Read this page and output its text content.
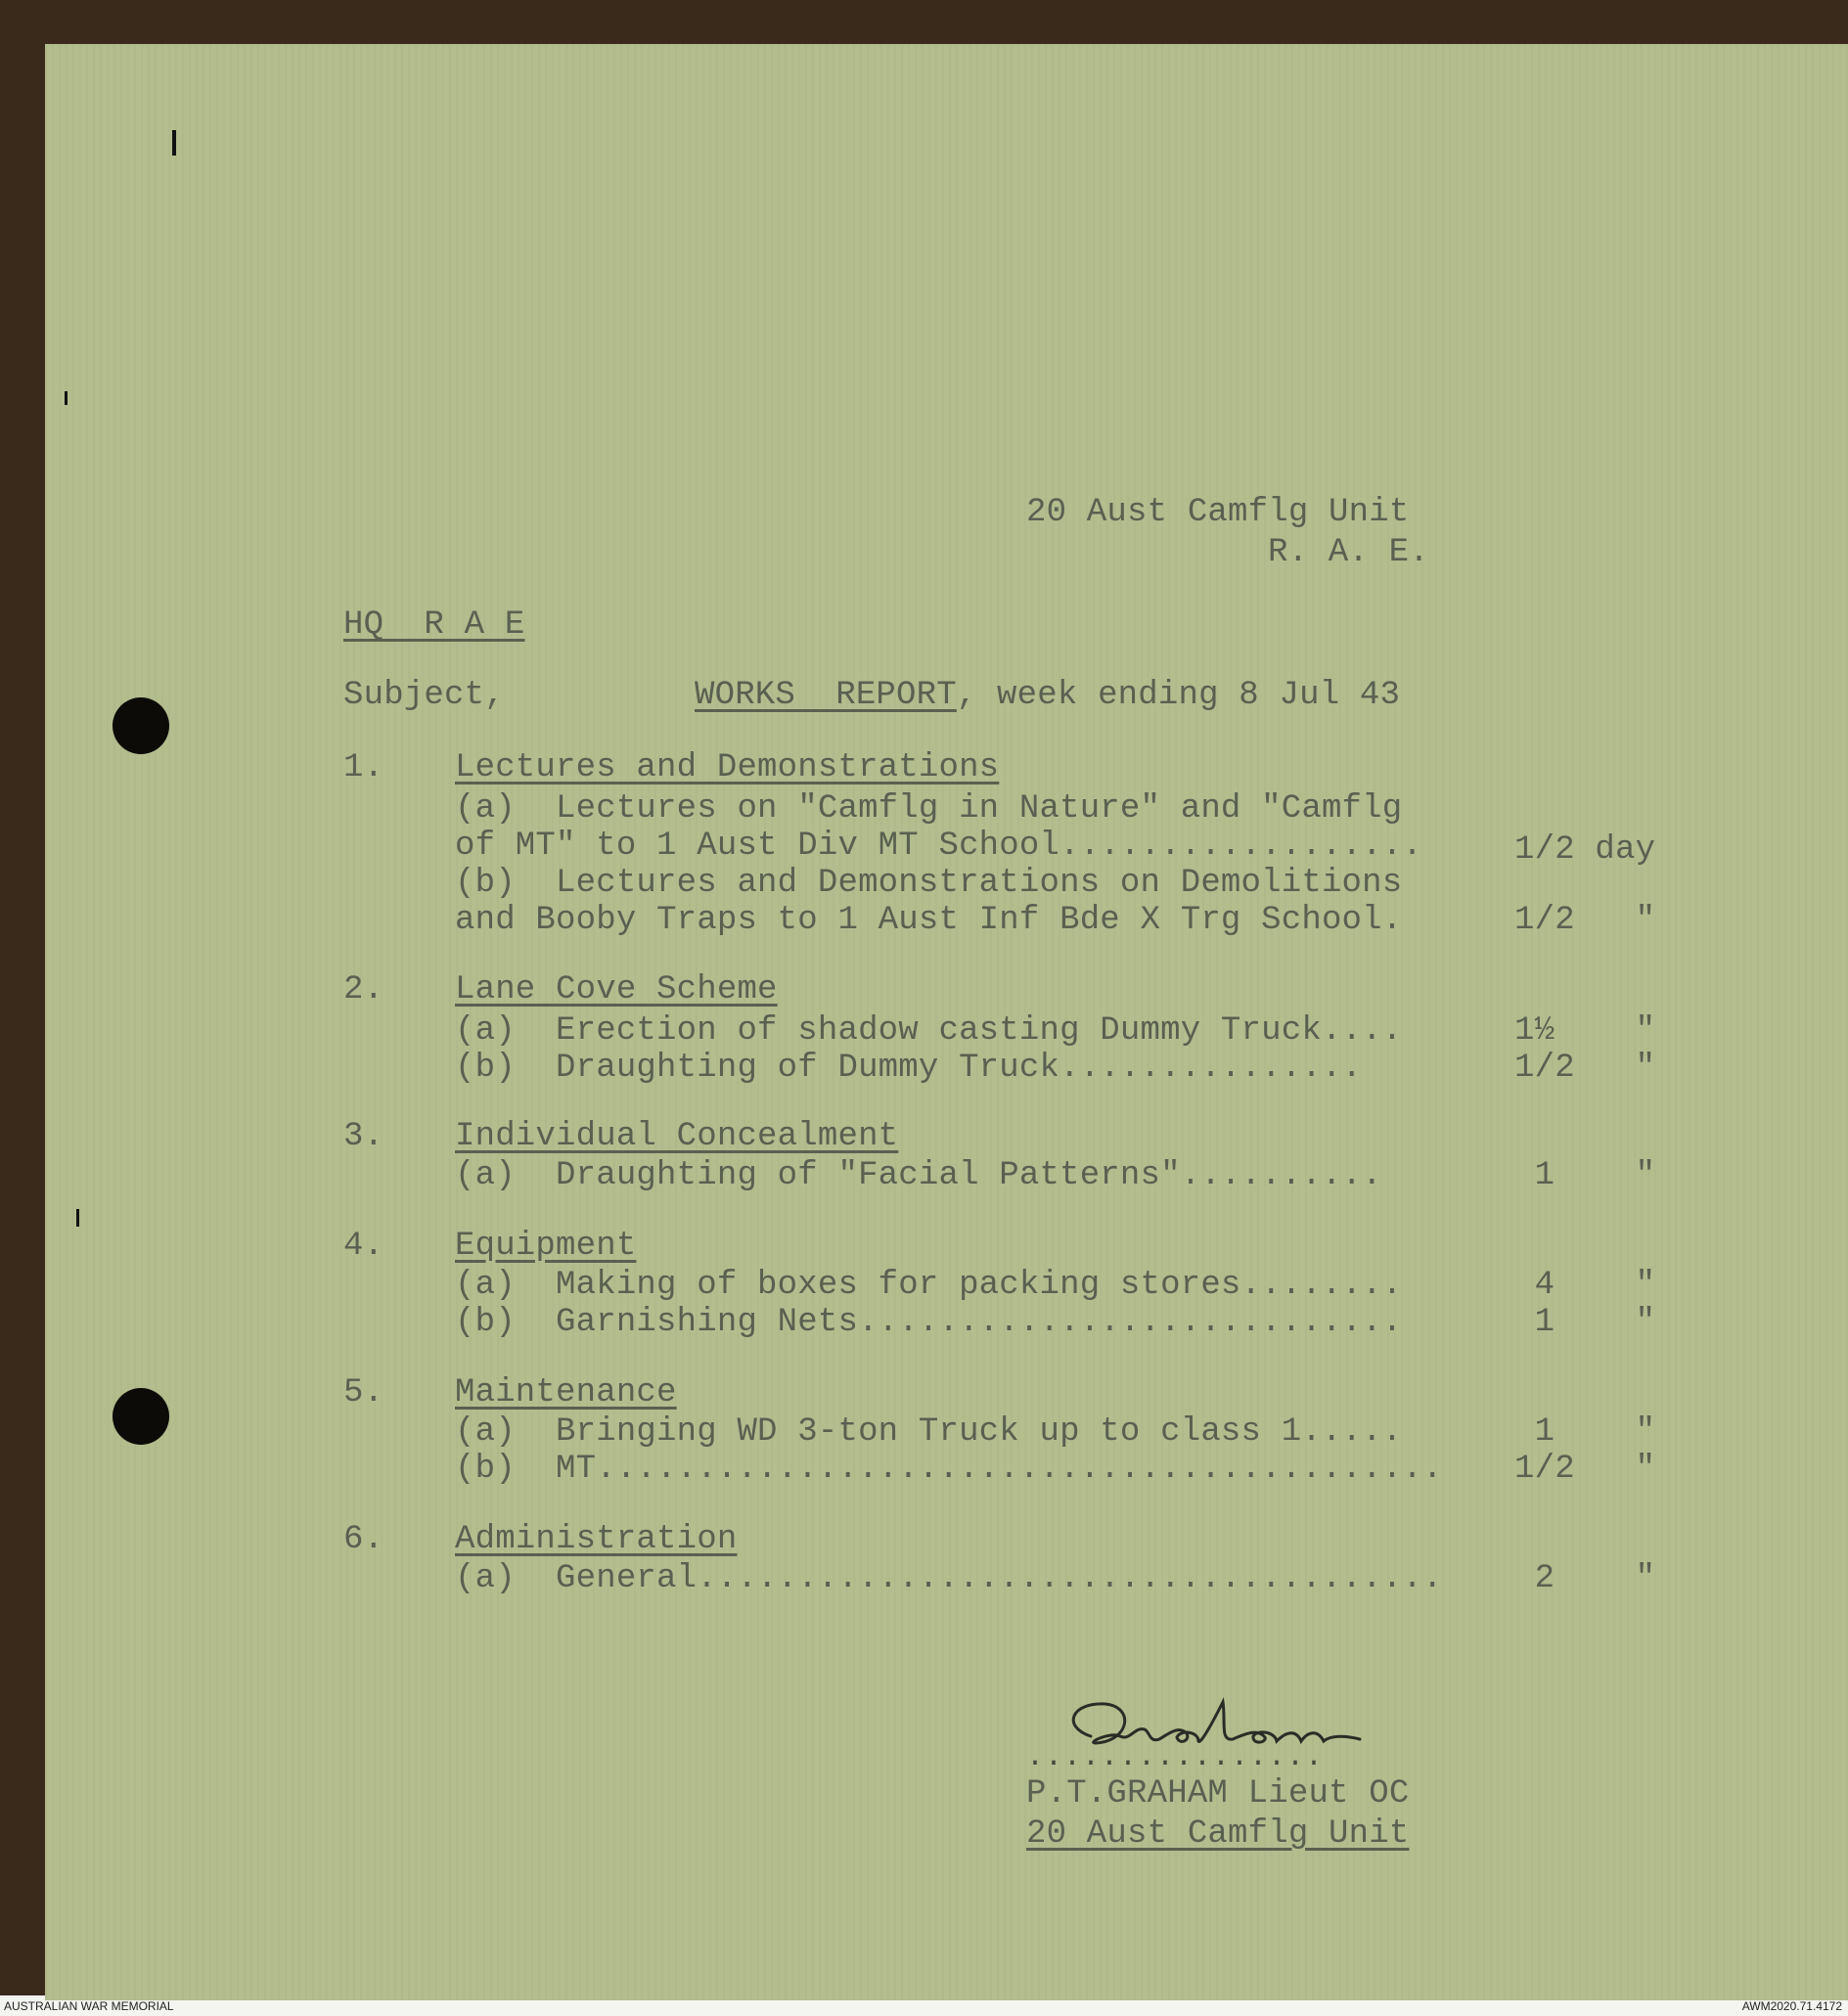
20 Aust Camflg Unit
R. A. E.
HQ  R A E
Subject,	WORKS  REPORT, week ending 8 Jul 43
1. Lectures and Demonstrations
(a)  Lectures on "Camflg in Nature" and "Camflg
of MT" to 1 Aust Div MT School..................	1/2 day
(b)  Lectures and Demonstrations on Demolitions
and Booby Traps to 1 Aust Inf Bde X Trg School.	1/2   "
2. Lane Cove Scheme
(a)  Erection of shadow casting Dummy Truck....	1½    "
(b)  Draughting of Dummy Truck...............	1/2   "
3. Individual Concealment
(a)  Draughting of "Facial Patterns"..........	1    "
4. Equipment
(a)  Making of boxes for packing stores........	4    "
(b)  Garnishing Nets...........................	1    "
5. Maintenance
(a)  Bringing WD 3-ton Truck up to class 1.....	1    "
(b)  MT.......................................... 1/2   "
6. Administration
(a)  General..................................... 2    "
................
P.T.GRAHAM Lieut OC
20 Aust Camflg Unit
AUSTRALIAN WAR MEMORIAL	AWM2020.71.4172
